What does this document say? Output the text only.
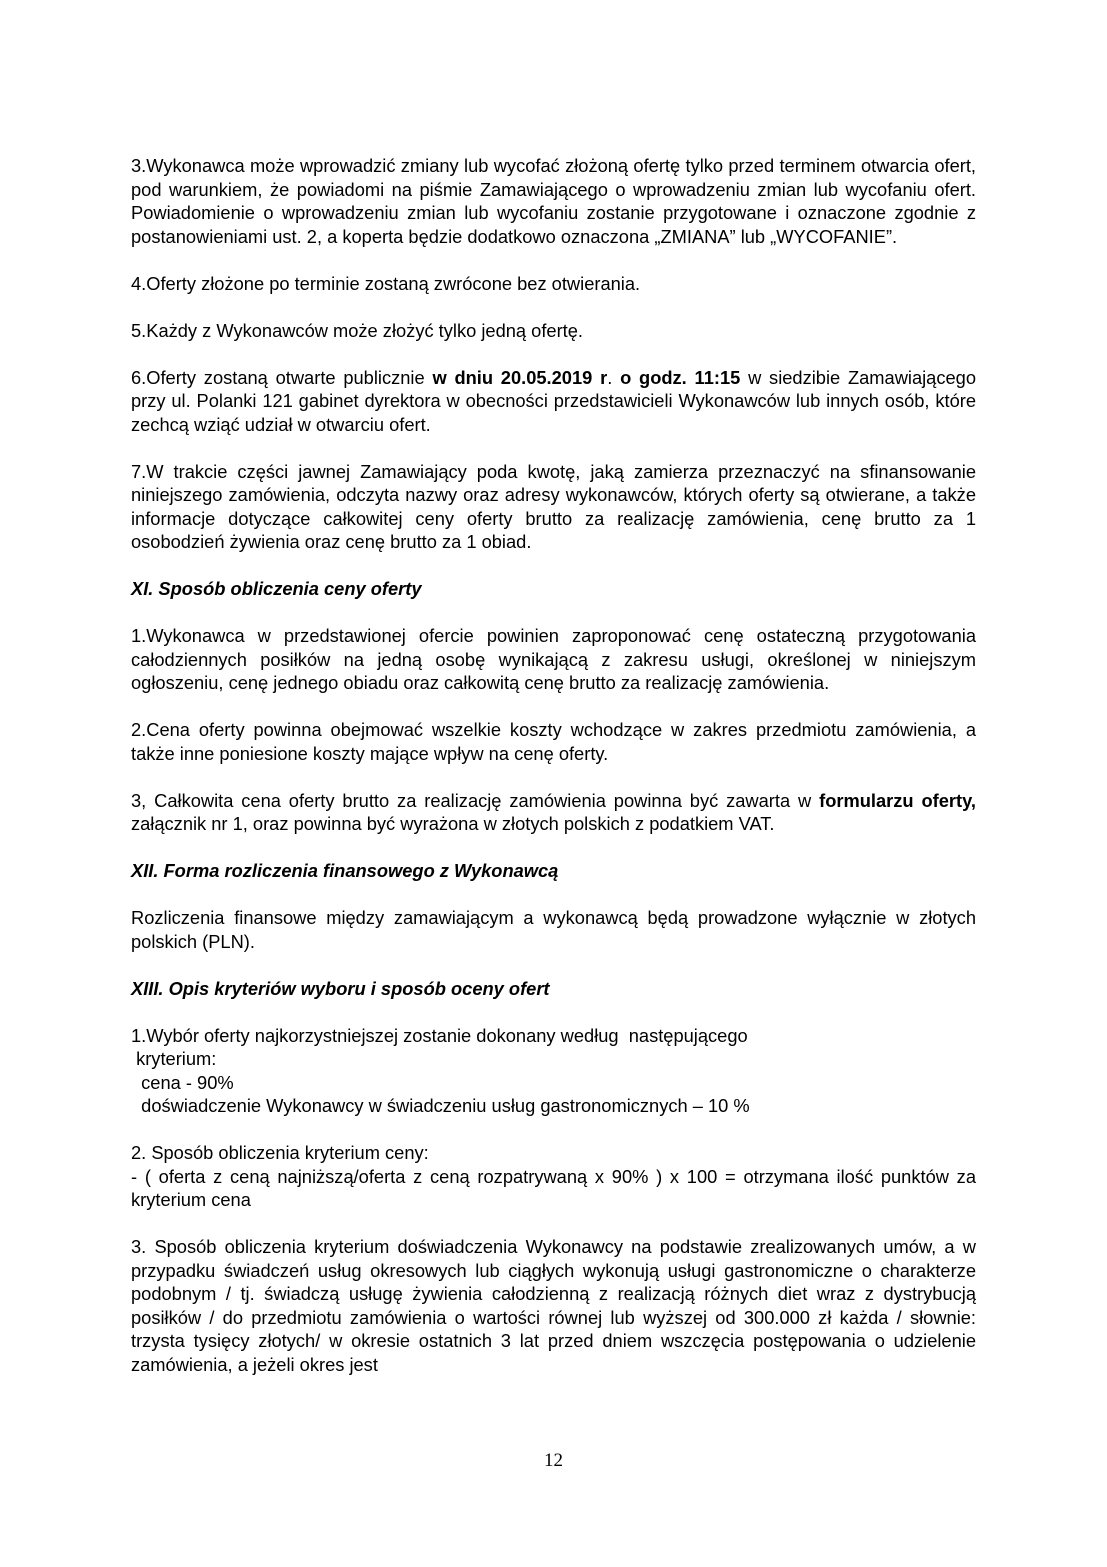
3.Wykonawca może wprowadzić zmiany lub wycofać złożoną ofertę tylko przed terminem otwarcia ofert, pod warunkiem, że powiadomi na piśmie Zamawiającego o wprowadzeniu zmian lub wycofaniu ofert. Powiadomienie o wprowadzeniu zmian lub wycofaniu zostanie przygotowane i oznaczone zgodnie z postanowieniami ust. 2, a koperta będzie dodatkowo oznaczona „ZMIANA” lub „WYCOFANIE”.

4.Oferty złożone po terminie zostaną zwrócone bez otwierania.

5.Każdy z Wykonawców może złożyć tylko jedną ofertę.

6.Oferty zostaną otwarte publicznie w dniu 20.05.2019 r. o godz. 11:15 w siedzibie Zamawiającego przy ul. Polanki 121 gabinet dyrektora w obecności przedstawicieli Wykonawców lub innych osób, które zechcą wziąć udział w otwarciu ofert.

7.W trakcie części jawnej Zamawiający poda kwotę, jaką zamierza przeznaczyć na sfinansowanie niniejszego zamówienia, odczyta nazwy oraz adresy wykonawców, których oferty są otwierane, a także informacje dotyczące całkowitej ceny oferty brutto za realizację zamówienia, cenę brutto za 1 osobodzień żywienia oraz cenę brutto za 1 obiad.

XI. Sposób obliczenia ceny oferty

1.Wykonawca w przedstawionej ofercie powinien zaproponować cenę ostateczną przygotowania całodziennych posiłków na jedną osobę wynikającą z zakresu usługi, określonej w niniejszym ogłoszeniu, cenę jednego obiadu oraz całkowitą cenę brutto za realizację zamówienia.

2.Cena oferty powinna obejmować wszelkie koszty wchodzące w zakres przedmiotu zamówienia, a także inne poniesione koszty mające wpływ na cenę oferty.

3, Całkowita cena oferty brutto za realizację zamówienia powinna być zawarta w formularzu oferty, załącznik nr 1, oraz powinna być wyrażona w złotych polskich z podatkiem VAT.

XII. Forma rozliczenia finansowego z Wykonawcą

Rozliczenia finansowe między zamawiającym a wykonawcą będą prowadzone wyłącznie w złotych polskich (PLN).

XIII. Opis kryteriów wyboru i sposób oceny ofert

1.Wybór oferty najkorzystniejszej zostanie dokonany według  następującego

kryterium:

cena - 90%

doświadczenie Wykonawcy w świadczeniu usług gastronomicznych – 10 %

2. Sposób obliczenia kryterium ceny:

- ( oferta z ceną najniższą/oferta z ceną rozpatrywaną x 90% ) x 100 = otrzymana ilość punktów za kryterium cena

3. Sposób obliczenia kryterium doświadczenia Wykonawcy na podstawie zrealizowanych umów, a w przypadku świadczeń usług okresowych lub ciągłych wykonują usługi gastronomiczne o charakterze podobnym / tj. świadczą usługę żywienia całodzienną z realizacją różnych diet wraz z dystrybucją posiłków / do przedmiotu zamówienia o wartości równej lub wyższej od 300.000 zł każda / słownie: trzysta tysięcy złotych/ w okresie ostatnich 3 lat przed dniem wszczęcia postępowania o udzielenie zamówienia, a jeżeli okres jest

12
